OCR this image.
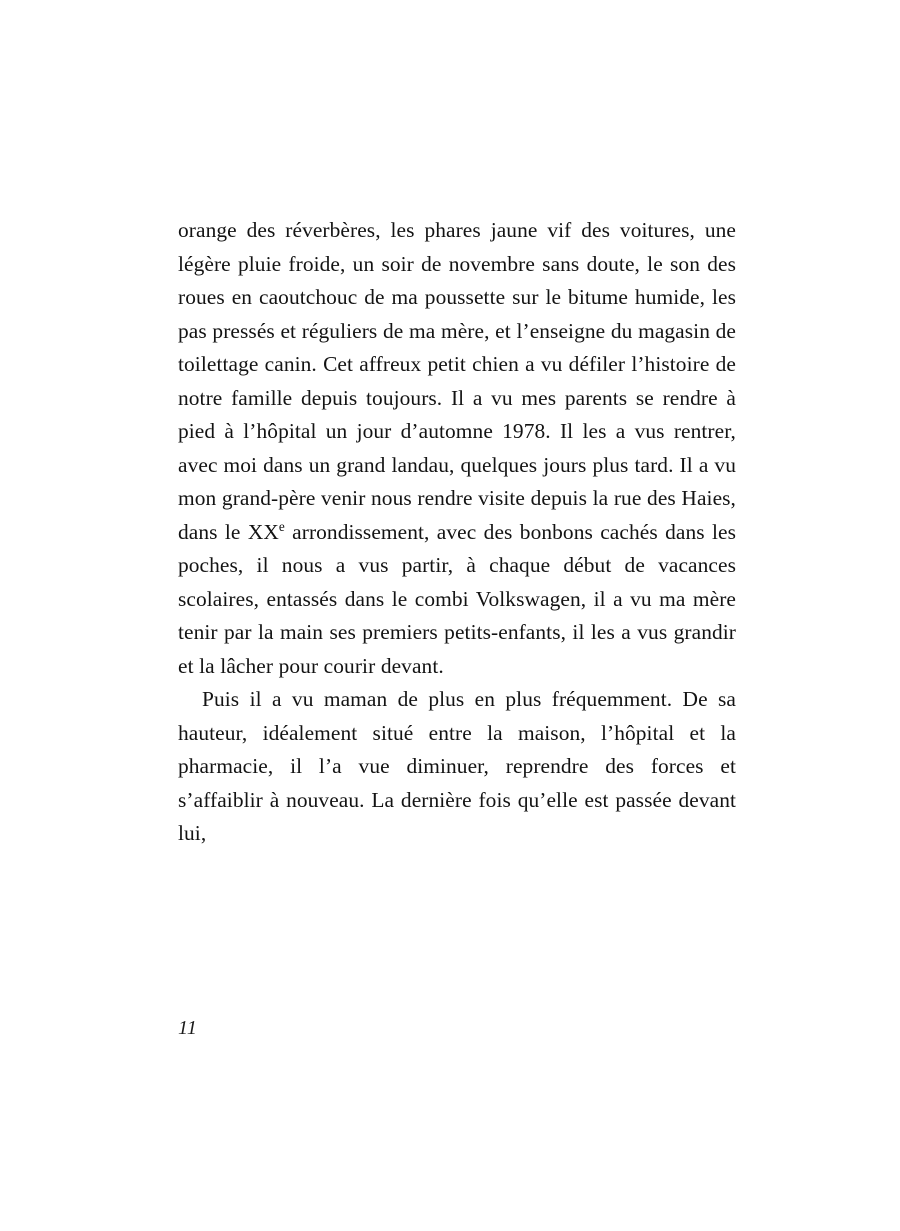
orange des réverbères, les phares jaune vif des voitures, une légère pluie froide, un soir de novembre sans doute, le son des roues en caoutchouc de ma poussette sur le bitume humide, les pas pressés et réguliers de ma mère, et l’enseigne du magasin de toilettage canin. Cet affreux petit chien a vu défiler l’histoire de notre famille depuis toujours. Il a vu mes parents se rendre à pied à l’hôpital un jour d’automne 1978. Il les a vus rentrer, avec moi dans un grand landau, quelques jours plus tard. Il a vu mon grand-père venir nous rendre visite depuis la rue des Haies, dans le XXe arrondissement, avec des bonbons cachés dans les poches, il nous a vus partir, à chaque début de vacances scolaires, entassés dans le combi Volkswagen, il a vu ma mère tenir par la main ses premiers petits-enfants, il les a vus grandir et la lâcher pour courir devant.

Puis il a vu maman de plus en plus fréquemment. De sa hauteur, idéalement situé entre la maison, l’hôpital et la pharmacie, il l’a vue diminuer, reprendre des forces et s’affaiblir à nouveau. La dernière fois qu’elle est passée devant lui,

11
